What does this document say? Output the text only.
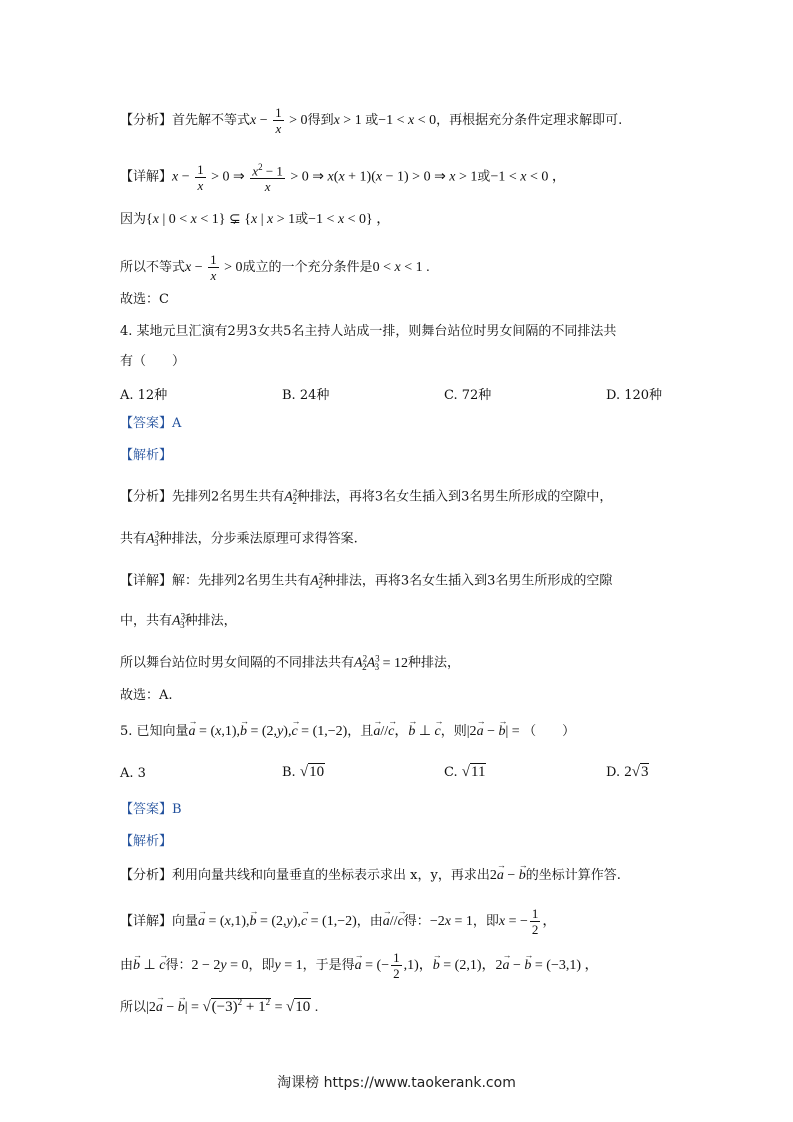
【分析】首先解不等式$x - \frac{1}{x} > 0$得到x > 1 或−1 < x < 0，再根据充分条件定理求解即可.
【详解】$x - \frac{1}{x} > 0$ ⇒ $\frac{x^2 - 1}{x} > 0$ ⇒ x(x + 1)(x − 1) > 0 ⇒ x > 1或−1 < x < 0 ，
因为{x | 0 < x < 1} ⊊ {x | x > 1或−1 < x < 0} ，
所以不等式$x - \frac{1}{x} > 0$成立的一个充分条件是0 < x < 1 .
故选：C
4. 某地元旦汇演有2男3女共5名主持人站成一排，则舞台站位时男女间隔的不同排法共
有（　　）
A. 12种	B. 24种	C. 72种	D. 120种
【答案】A
【解析】
【分析】先排列2名男生共有$A^2_2$种排法，再将3名女生插入到3名男生所形成的空隙中，
共有$A^3_3$种排法，分步乘法原理可求得答案.
【详解】解：先排列2名男生共有$A^2_2$种排法，再将3名女生插入到3名男生所形成的空隙
中，共有$A^3_3$种排法，
所以舞台站位时男女间隔的不同排法共有$A^2_2A^3_3 = 12$种排法，
故选：A.
5. 已知向量→ a = (x,1),→ b = (2,y),→ c = (1,−2)，且→ a//→ c，→ b ⊥ → c，则|2→ a − → b| = （　　）
A. 3	B. √10	C. √11	D. 2√3
【答案】B
【解析】
【分析】利用向量共线和向量垂直的坐标表示求出 x，y，再求出2→ a − → b的坐标计算作答.
【详解】向量→ a = (x,1),→ b = (2,y),→ c = (1,−2)，由→ a//→ c得：−2x = 1，即x = − $\frac{1}{2}$ ，
由→ b ⊥ → c得：2 − 2y = 0，即y = 1，于是得→ a = (− $\frac{1}{2} ,1$)，→ b = (2,1)，2→ a − → b = (−3,1) ，
所以|2→ a − → $b| = √(-3)^2 + 1^2 = √10$ .
淘课榜 https://www.taokerank.com
